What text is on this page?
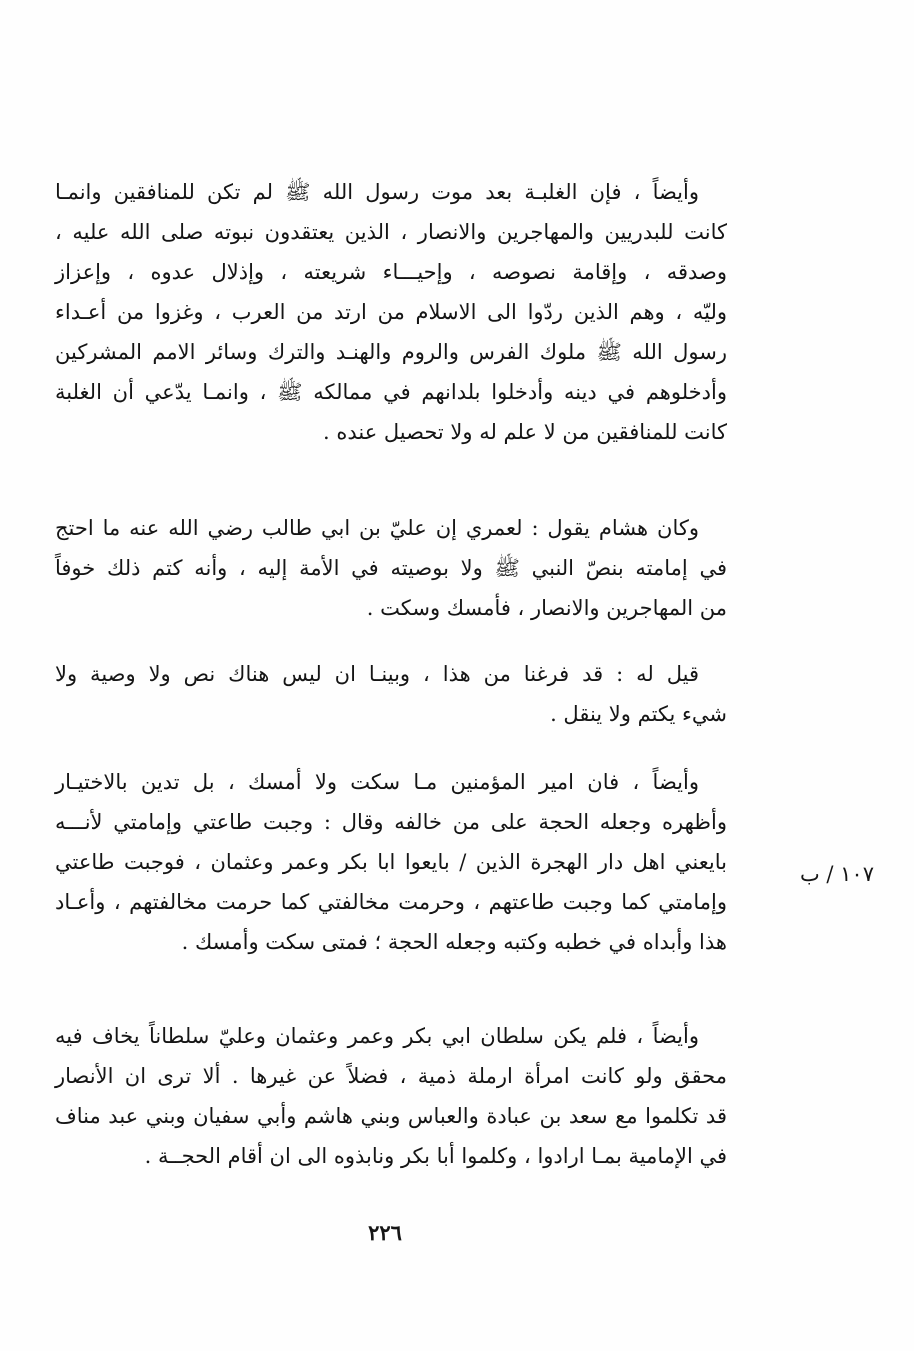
وأيضاً ، فإن الغلبـة بعد موت رسول الله ﷺ لم تكن للمنافقين وانمـا
كانت للبدريين والمهاجرين والانصار ، الذين يعتقدون نبوته صلى الله عليه ،
وصدقه ، وإقامة نصوصه ، وإحيـــاء شريعته ، وإذلال عدوه ، وإعزاز
وليّه ، وهم الذين ردّوا الى الاسلام من ارتد من العرب ، وغزوا من أعـداء
رسول الله ﷺ ملوك الفرس والروم والهنـد والترك وسائر الامم المشركين
وأدخلوهم في دينه وأدخلوا بلدانهم في ممالكه ﷺ ، وانمـا يدّعي أن الغلبة
كانت للمنافقين من لا علم له ولا تحصيل عنده .
وكان هشام يقول : لعمري إن عليّ بن ابي طالب رضي الله عنه ما احتج
في إمامته بنصّ النبي ﷺ ولا بوصيته في الأمة إليه ، وأنه كتم ذلك خوفاً
من المهاجرين والانصار ، فأمسك وسكت .
قيل له : قد فرغنا من هذا ، وبينـا ان ليس هناك نص ولا وصية ولا
شيء يكتم ولا ينقل .
وأيضاً ، فان امير المؤمنين مـا سكت ولا أمسك ، بل تدين بالاختيـار
وأظهره وجعله الحجة على من خالفه وقال : وجبت طاعتي وإمامتي لأنـــه
بايعني اهل دار الهجرة الذين / بايعوا ابا بكر وعمر وعثمان ، فوجبت طاعتي
وإمامتي كما وجبت طاعتهم ، وحرمت مخالفتي كما حرمت مخالفتهم ، وأعـاد
هذا وأبداه في خطبه وكتبه وجعله الحجة ؛ فمتى سكت وأمسك .
وأيضاً ، فلم يكن سلطان ابي بكر وعمر وعثمان وعليّ سلطاناً يخاف فيه
محقق ولو كانت امرأة ارملة ذمية ، فضلاً عن غيرها . ألا ترى ان الأنصار
قد تكلموا مع سعد بن عبادة والعباس وبني هاشم وأبي سفيان وبني عبد مناف
في الإمامية بمـا ارادوا ، وكلموا أبا بكر ونابذوه الى ان أقام الحجــة .
١٠٧ / ب
٢٢٦
